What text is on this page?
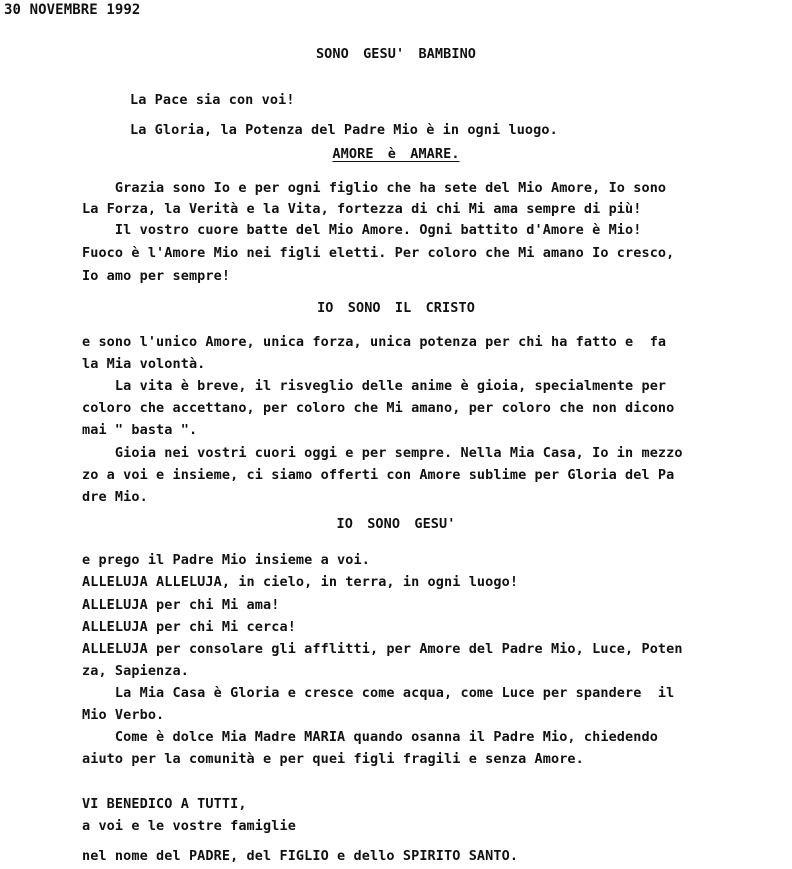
30 NOVEMBRE 1992
SONO GESU' BAMBINO
La Pace sia con voi!
La Gloria, la Potenza del Padre Mio è in ogni luogo.
AMORE è AMARE.
Grazia sono Io e per ogni figlio che ha sete del Mio Amore, Io sono
La Forza, la Verità e la Vita, fortezza di chi Mi ama sempre di più!
Il vostro cuore batte del Mio Amore. Ogni battito d'Amore è Mio!
Fuoco è l'Amore Mio nei figli eletti. Per coloro che Mi amano Io cresco,
Io amo per sempre!
IO SONO IL CRISTO
e sono l'unico Amore, unica forza, unica potenza per chi ha fatto e  fa
la Mia volontà.
La vita è breve, il risveglio delle anime è gioia, specialmente per
coloro che accettano, per coloro che Mi amano, per coloro che non dicono
mai " basta ".
Gioia nei vostri cuori oggi e per sempre. Nella Mia Casa, Io in mezzo
zo a voi e insieme, ci siamo offerti con Amore sublime per Gloria del Pa
dre Mio.
IO SONO GESU'
e prego il Padre Mio insieme a voi.
ALLELUJA ALLELUJA, in cielo, in terra, in ogni luogo!
ALLELUJA per chi Mi ama!
ALLELUJA per chi Mi cerca!
ALLELUJA per consolare gli afflitti, per Amore del Padre Mio, Luce, Poten
za, Sapienza.
La Mia Casa è Gloria e cresce come acqua, come Luce per spandere  il
Mio Verbo.
Come è dolce Mia Madre MARIA quando osanna il Padre Mio, chiedendo
aiuto per la comunità e per quei figli fragili e senza Amore.
VI BENEDICO A TUTTI,
a voi e le vostre famiglie
nel nome del PADRE, del FIGLIO e dello SPIRITO SANTO.
